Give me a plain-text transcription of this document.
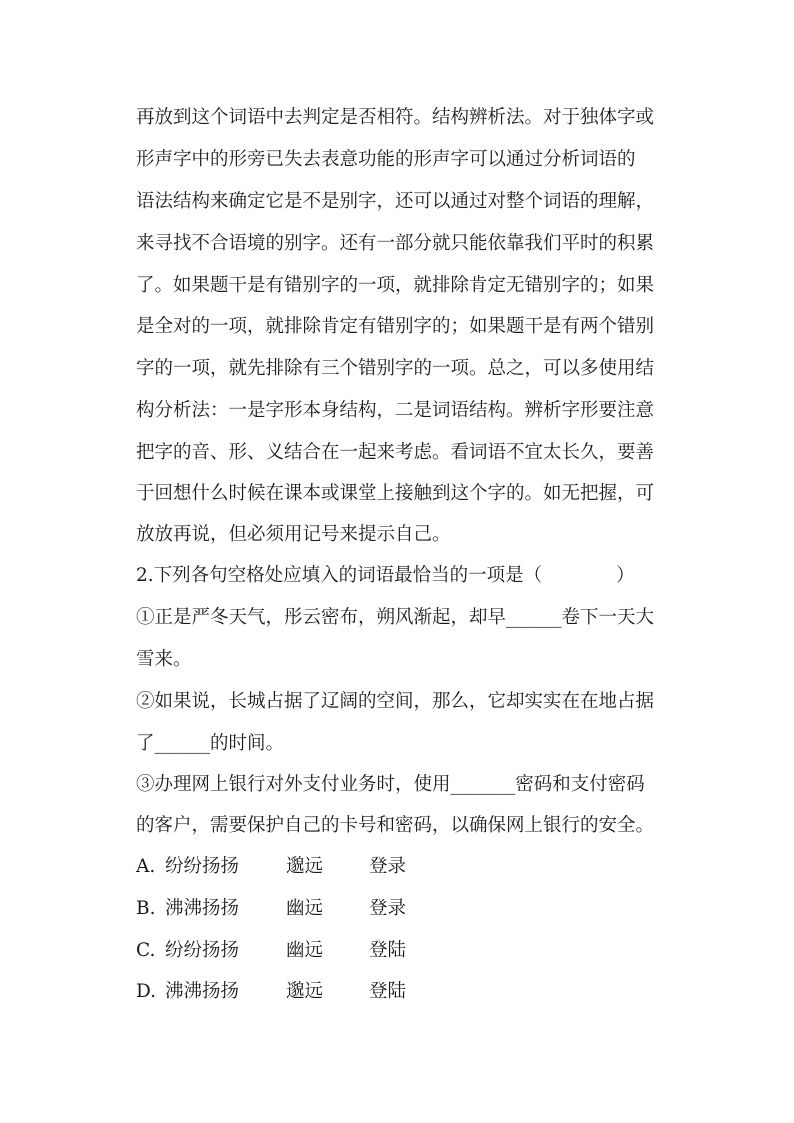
再放到这个词语中去判定是否相符。结构辨析法。对于独体字或
形声字中的形旁已失去表意功能的形声字可以通过分析词语的
语法结构来确定它是不是别字，还可以通过对整个词语的理解，
来寻找不合语境的别字。还有一部分就只能依靠我们平时的积累
了。如果题干是有错别字的一项，就排除肯定无错别字的；如果
是全对的一项，就排除肯定有错别字的；如果题干是有两个错别
字的一项，就先排除有三个错别字的一项。总之，可以多使用结
构分析法：一是字形本身结构，二是词语结构。辨析字形要注意
把字的音、形、义结合在一起来考虑。看词语不宜太长久，要善
于回想什么时候在课本或课堂上接触到这个字的。如无把握，可
放放再说，但必须用记号来提示自己。
2.下列各句空格处应填入的词语最恰当的一项是（　　　　）
①正是严冬天气，彤云密布，朔风渐起，却早______卷下一天大
雪来。
②如果说，长城占据了辽阔的空间，那么，它却实实在在地占据
了______的时间。
③办理网上银行对外支付业务时，使用_______密码和支付密码
的客户，需要保护自己的卡号和密码，以确保网上银行的安全。
A. 纷纷扬扬	邈远 登录
B. 沸沸扬扬	幽远 登录
C. 纷纷扬扬	幽远 登陆
D. 沸沸扬扬	邈远 登陆
